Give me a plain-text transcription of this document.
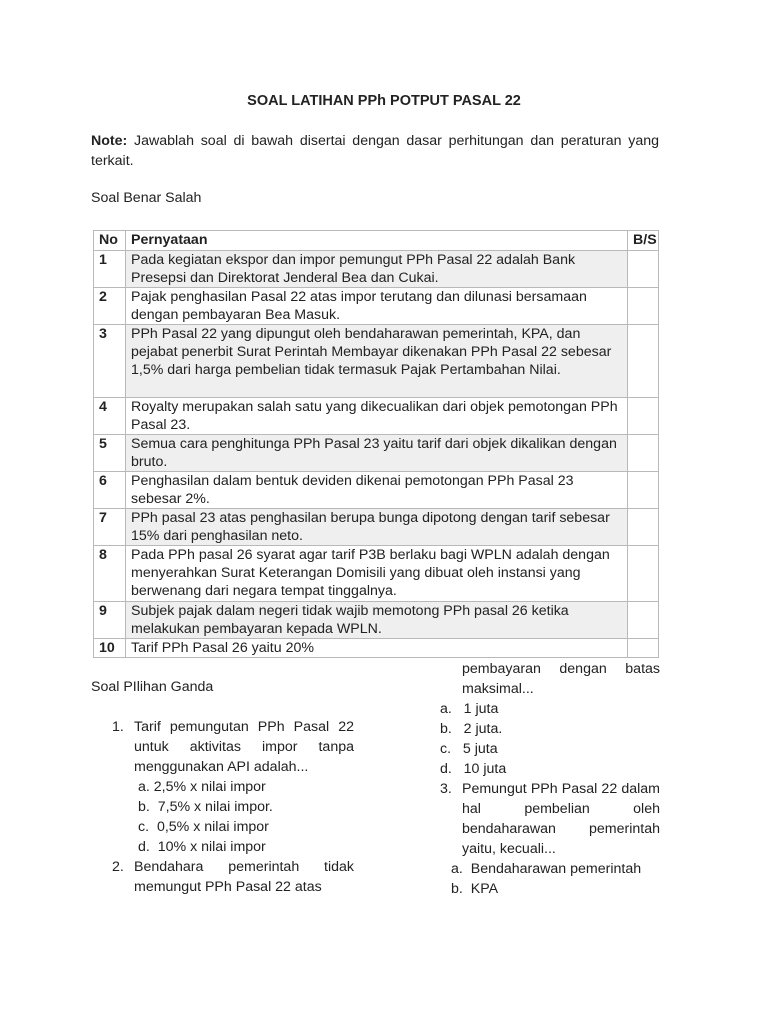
SOAL LATIHAN PPh POTPUT PASAL 22
Note: Jawablah soal di bawah disertai dengan dasar perhitungan dan peraturan yang terkait.
Soal Benar Salah
No	Pernyataan	B/S
1	Pada kegiatan ekspor dan impor pemungut PPh Pasal 22 adalah Bank Presepsi dan Direktorat Jenderal Bea dan Cukai.	
2	Pajak penghasilan Pasal 22 atas impor terutang dan dilunasi bersamaan dengan pembayaran Bea Masuk.	
3	PPh Pasal 22 yang dipungut oleh bendaharawan pemerintah, KPA, dan pejabat penerbit Surat Perintah Membayar dikenakan PPh Pasal 22 sebesar 1,5% dari harga pembelian tidak termasuk Pajak Pertambahan Nilai.	
4	Royalty merupakan salah satu yang dikecualikan dari objek pemotongan PPh Pasal 23.	
5	Semua cara penghitunga PPh Pasal 23 yaitu tarif dari objek dikalikan dengan bruto.	
6	Penghasilan dalam bentuk deviden dikenai pemotongan PPh Pasal 23 sebesar 2%.	
7	PPh pasal 23 atas penghasilan berupa bunga dipotong dengan tarif sebesar 15% dari penghasilan neto.	
8	Pada PPh pasal 26 syarat agar tarif P3B berlaku bagi WPLN adalah dengan menyerahkan Surat Keterangan Domisili yang dibuat oleh instansi yang berwenang dari negara tempat tinggalnya.	
9	Subjek pajak dalam negeri tidak wajib memotong PPh pasal 26 ketika melakukan pembayaran kepada WPLN.	
10	Tarif PPh Pasal 26 yaitu 20%	
Soal PIlihan Ganda
1. Tarif pemungutan PPh Pasal 22 untuk aktivitas impor tanpa menggunakan API adalah...
a. 2,5% x nilai impor
b. 7,5% x nilai impor.
c. 0,5% x nilai impor
d. 10% x nilai impor
2. Bendahara pemerintah tidak memungut PPh Pasal 22 atas
pembayaran dengan batas maksimal...
a. 1 juta
b. 2 juta.
c. 5 juta
d. 10 juta
3. Pemungut PPh Pasal 22 dalam hal pembelian oleh bendaharawan pemerintah yaitu, kecuali...
a. Bendaharawan pemerintah
b. KPA
